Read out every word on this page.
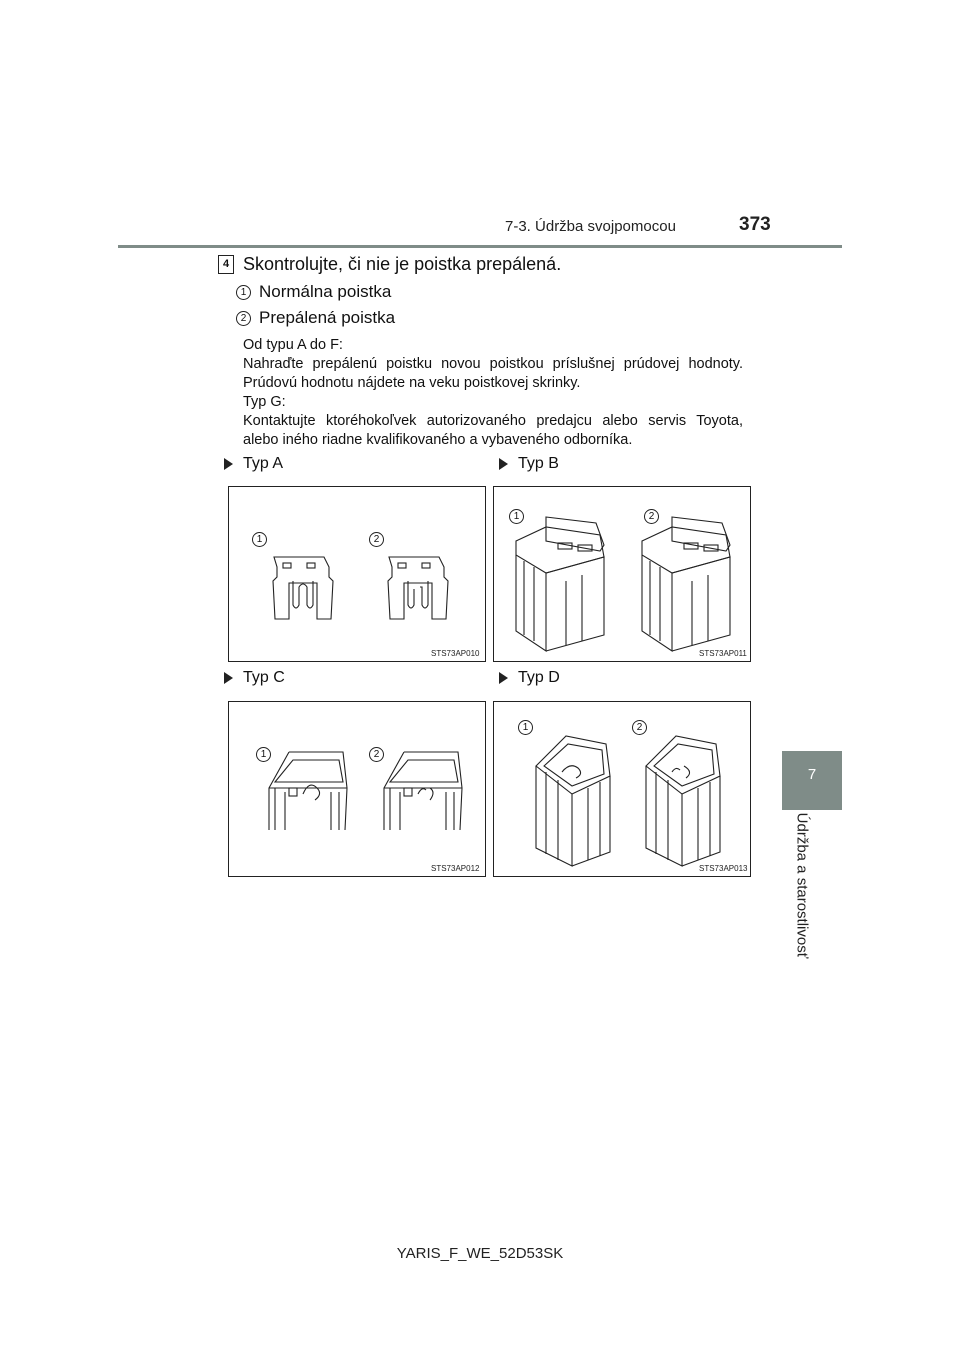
7-3. Údržba svojpomocou	373
7
Údržba a starostlivosť
4 Skontrolujte, či nie je poistka prepálená.
1 Normálna poistka
2 Prepálená poistka
Od typu A do F:
Nahraďte prepálenú poistku novou poistkou príslušnej prúdovej hodnoty. Prúdovú hodnotu nájdete na veku poistkovej skrinky.
Typ G:
Kontaktujte ktoréhokoľvek autorizovaného predajcu alebo servis Toyota, alebo iného riadne kvalifikovaného a vybaveného odborníka.
Typ A	Typ B
Typ C	Typ D
1	2
STS73AP010
1	2
STS73AP011
1	2
STS73AP012
1	2
STS73AP013
YARIS_F_WE_52D53SK
